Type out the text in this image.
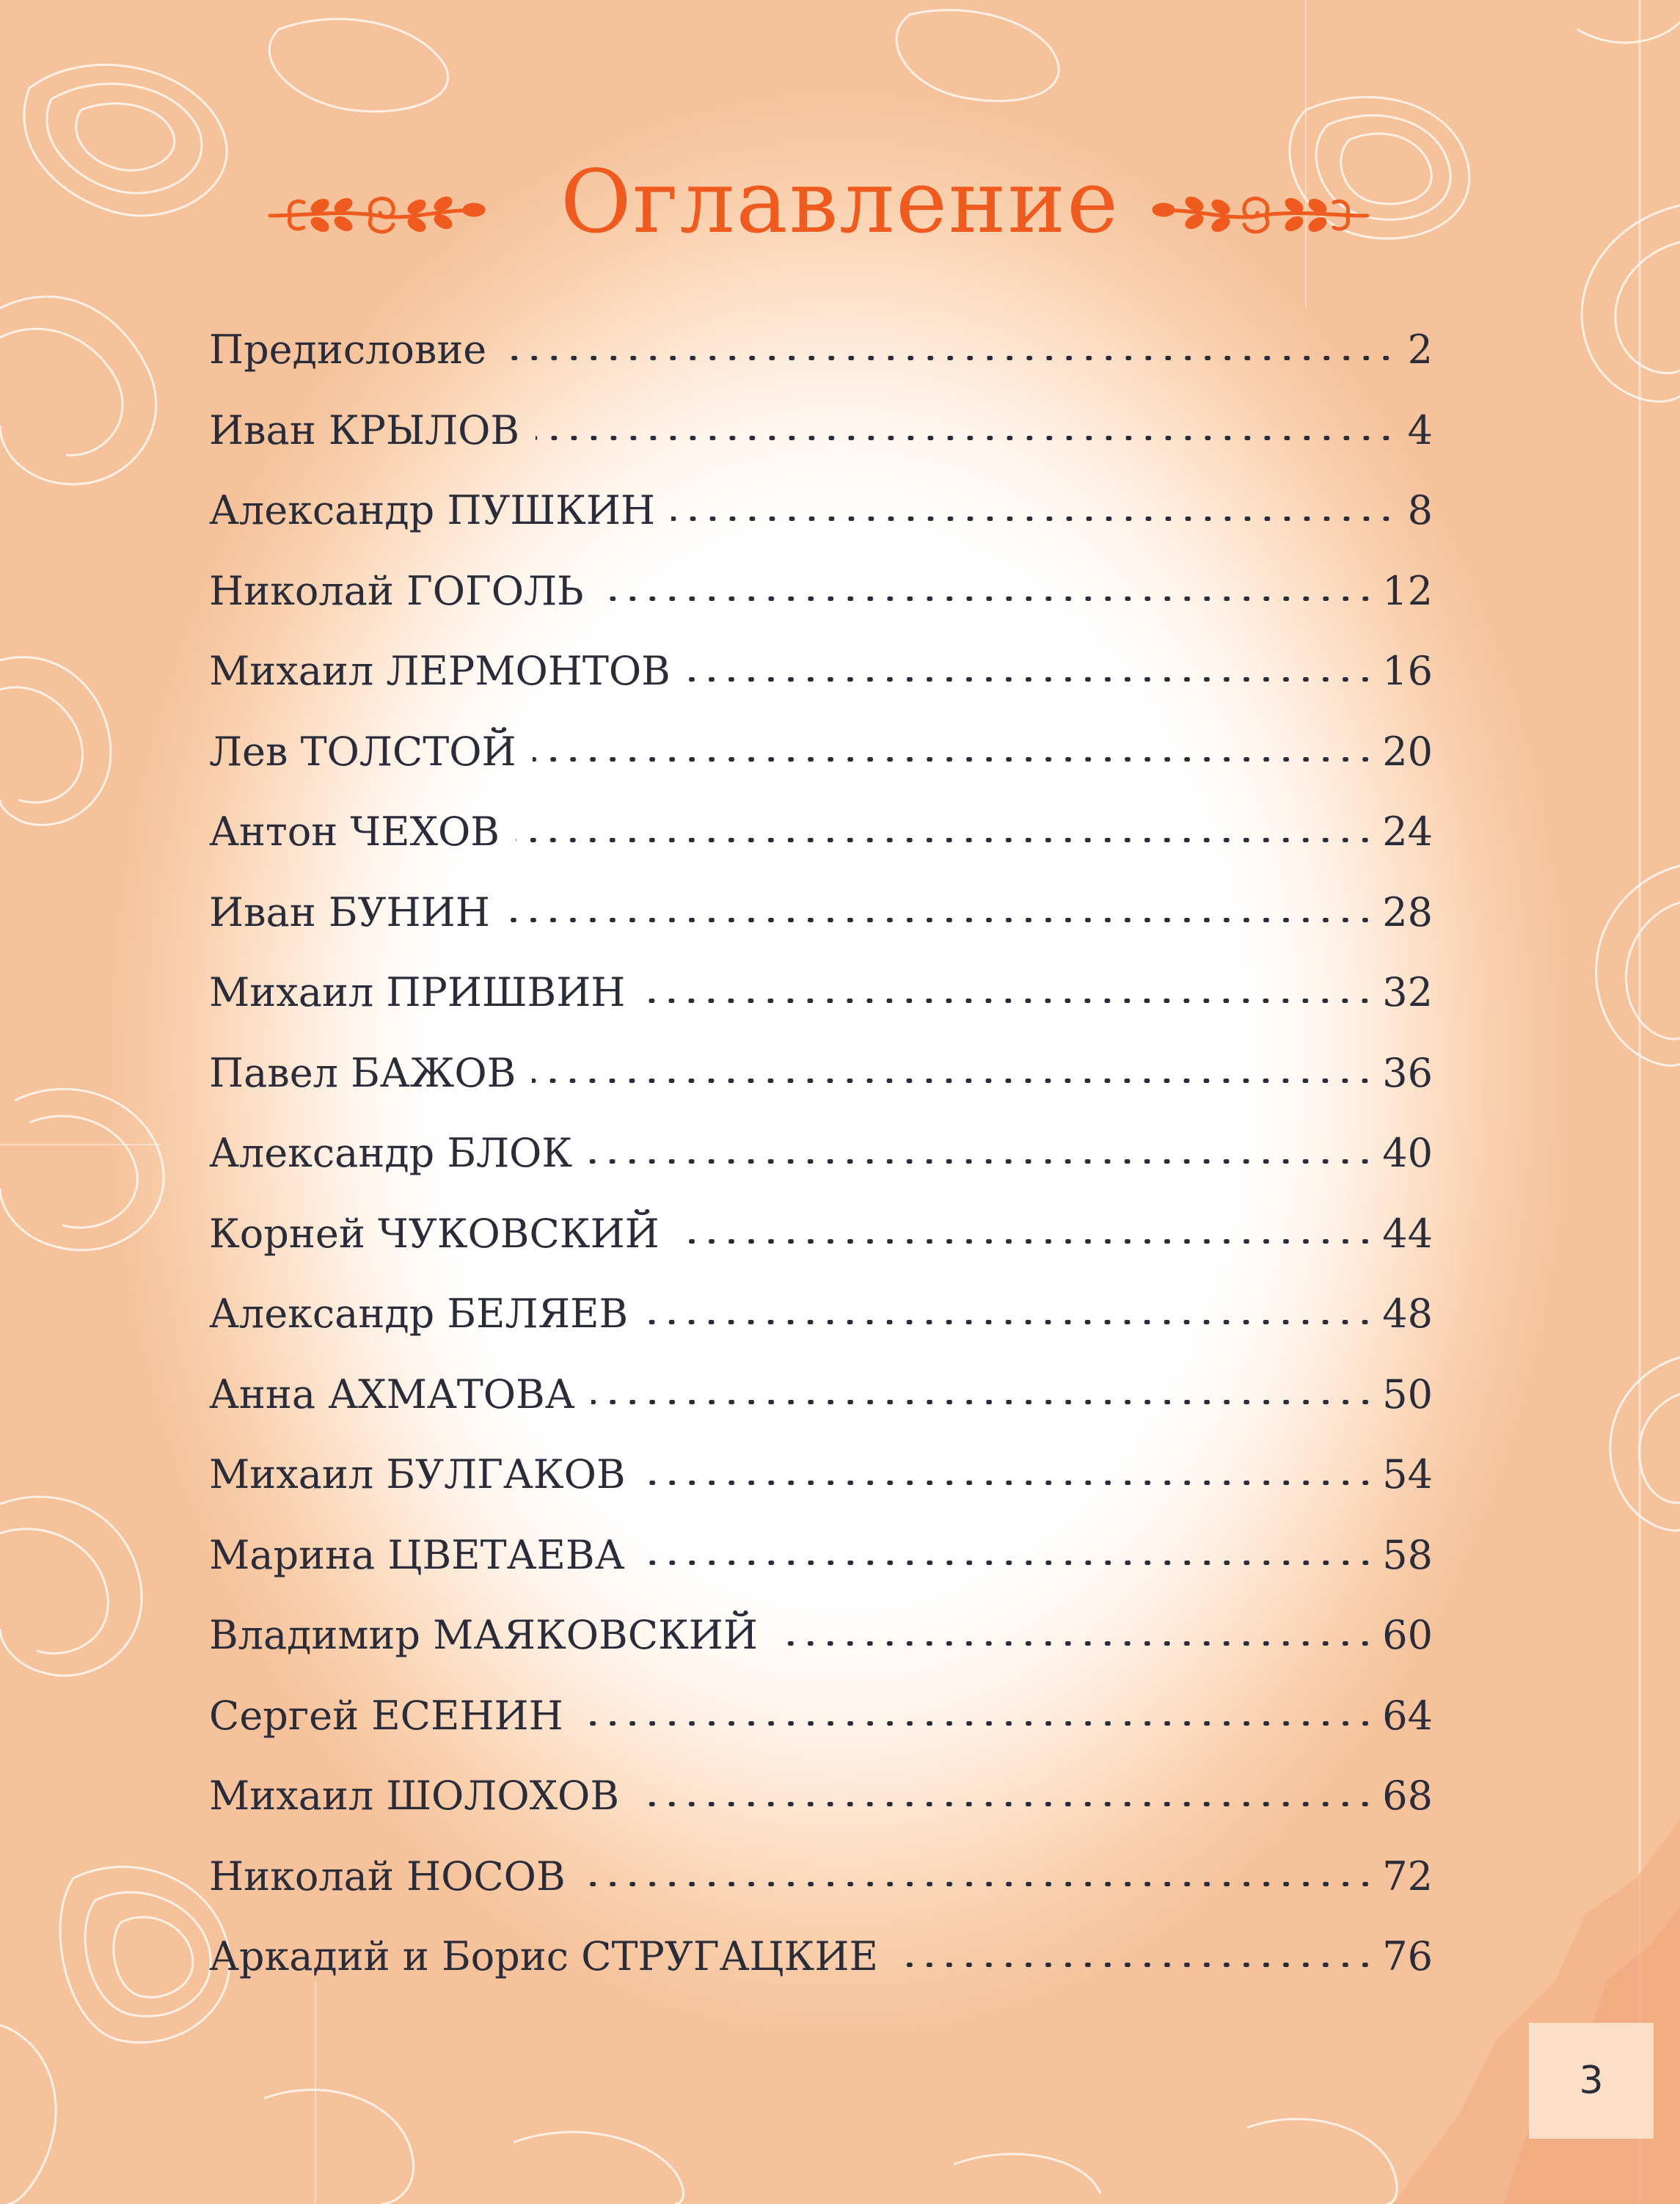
Оглавление
Предисловие	2
Иван КРЫЛОВ	4
Александр ПУШКИН	8
Николай ГОГОЛЬ	12
Михаил ЛЕРМОНТОВ	16
Лев ТОЛСТОЙ	20
Антон ЧЕХОВ	24
Иван БУНИН	28
Михаил ПРИШВИН	32
Павел БАЖОВ	36
Александр БЛОК	40
Корней ЧУКОВСКИЙ	44
Александр БЕЛЯЕВ	48
Анна АХМАТОВА	50
Михаил БУЛГАКОВ	54
Марина ЦВЕТАЕВА	58
Владимир МАЯКОВСКИЙ	60
Сергей ЕСЕНИН	64
Михаил ШОЛОХОВ	68
Николай НОСОВ	72
Аркадий и Борис СТРУГАЦКИЕ	76
3
